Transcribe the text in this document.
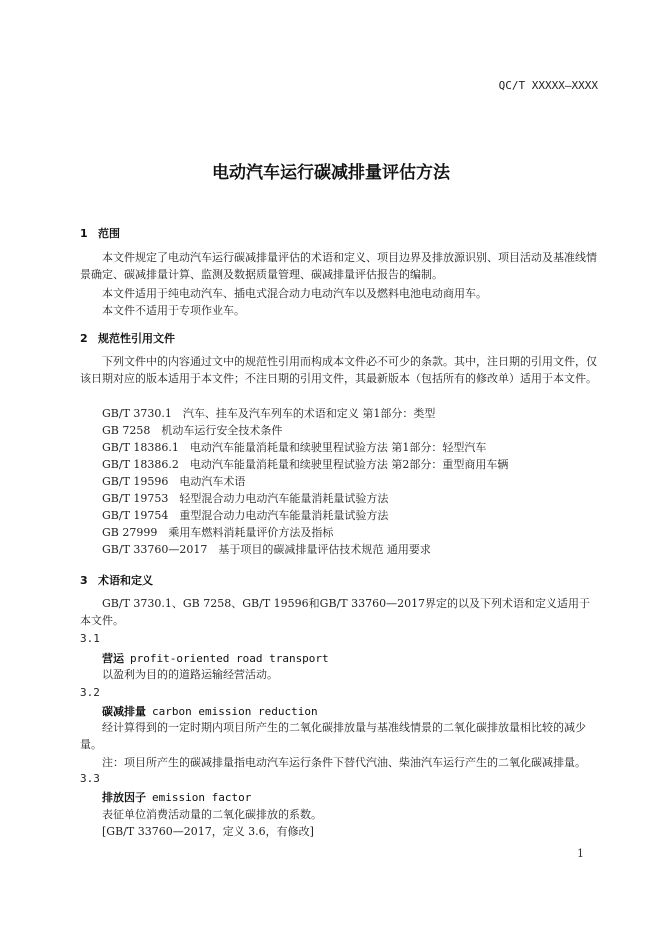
QC/T XXXXX—XXXX
电动汽车运行碳减排量评估方法
1 范围
本文件规定了电动汽车运行碳减排量评估的术语和定义、项目边界及排放源识别、项目活动及基准线情景确定、碳减排量计算、监测及数据质量管理、碳减排量评估报告的编制。
本文件适用于纯电动汽车、插电式混合动力电动汽车以及燃料电池电动商用车。
本文件不适用于专项作业车。
2 规范性引用文件
下列文件中的内容通过文中的规范性引用而构成本文件必不可少的条款。其中，注日期的引用文件，仅该日期对应的版本适用于本文件；不注日期的引用文件，其最新版本（包括所有的修改单）适用于本文件。
GB/T 3730.1　汽车、挂车及汽车列车的术语和定义 第1部分：类型
GB 7258　机动车运行安全技术条件
GB/T 18386.1　电动汽车能量消耗量和续驶里程试验方法 第1部分：轻型汽车
GB/T 18386.2　电动汽车能量消耗量和续驶里程试验方法 第2部分：重型商用车辆
GB/T 19596　电动汽车术语
GB/T 19753　轻型混合动力电动汽车能量消耗量试验方法
GB/T 19754　重型混合动力电动汽车能量消耗量试验方法
GB 27999　乘用车燃料消耗量评价方法及指标
GB/T 33760—2017　基于项目的碳减排量评估技术规范 通用要求
3 术语和定义
GB/T 3730.1、GB 7258、GB/T 19596和GB/T 33760—2017界定的以及下列术语和定义适用于本文件。
3.1
营运 profit-oriented road transport
以盈利为目的的道路运输经营活动。
3.2
碳减排量 carbon emission reduction
经计算得到的一定时期内项目所产生的二氧化碳排放量与基准线情景的二氧化碳排放量相比较的减少量。
注：项目所产生的碳减排量指电动汽车运行条件下替代汽油、柴油汽车运行产生的二氧化碳减排量。
3.3
排放因子 emission factor
表征单位消费活动量的二氧化碳排放的系数。
[GB/T 33760—2017，定义 3.6，有修改]
1
